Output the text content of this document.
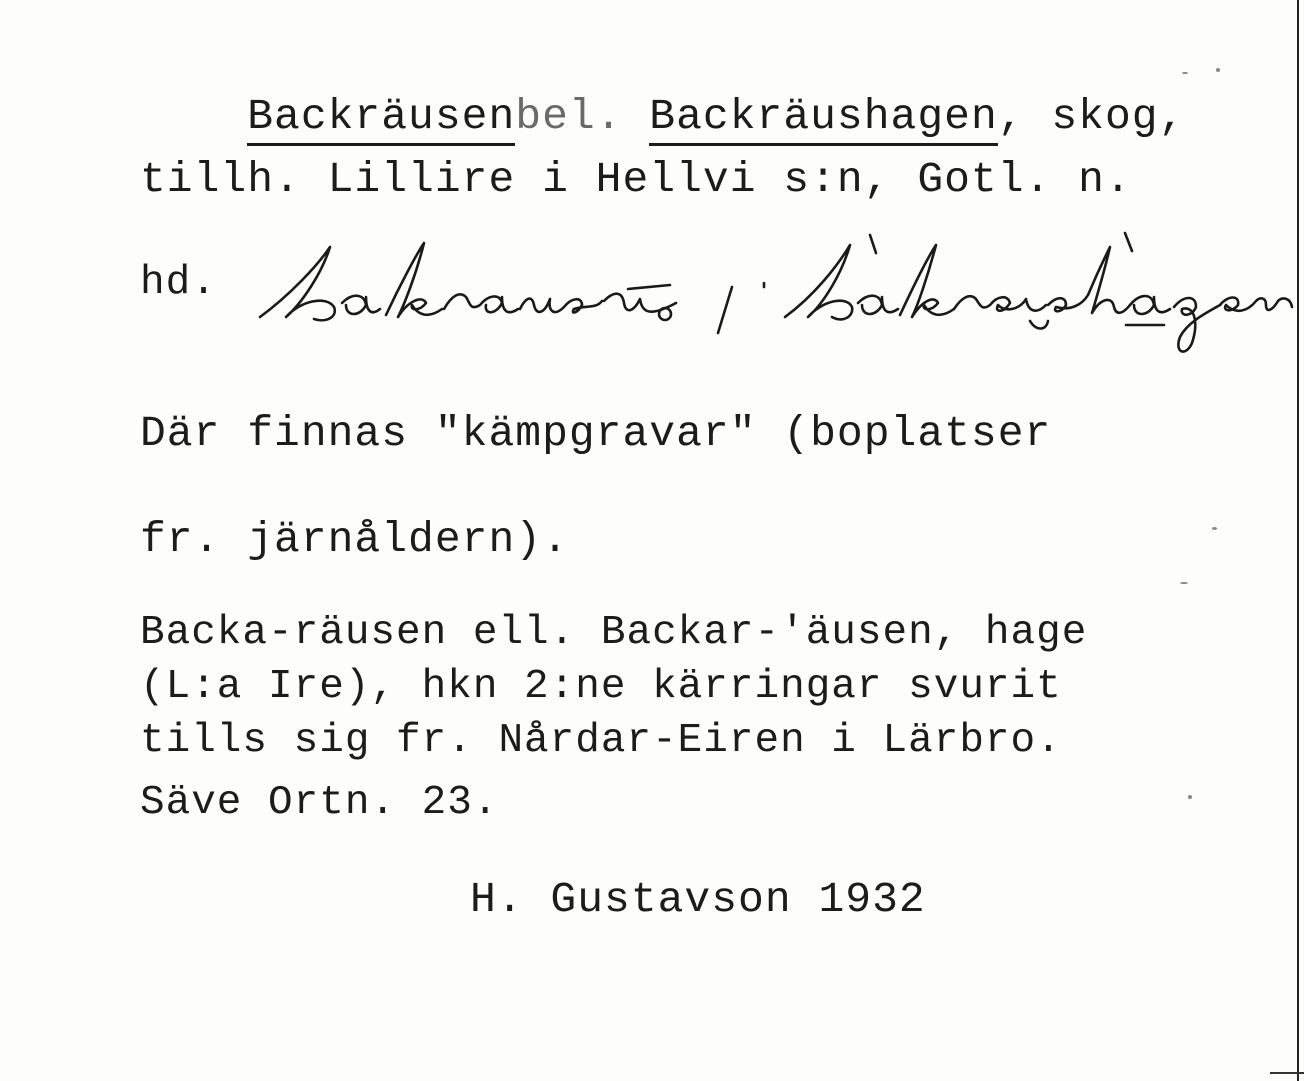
Backräusenbel. Backräushagen, skog,

tillh. Lillire i Hellvi s:n, Gotl. n.
hd.
Där finnas "kämpgravar" (boplatser
fr. järnåldern).
Backa-räusen ell. Backar-'äusen, hage
(L:a Ire), hkn 2:ne kärringar svurit
tills sig fr. Nårdar-Eiren i Lärbro.
Säve Ortn. 23.
H. Gustavson 1932
